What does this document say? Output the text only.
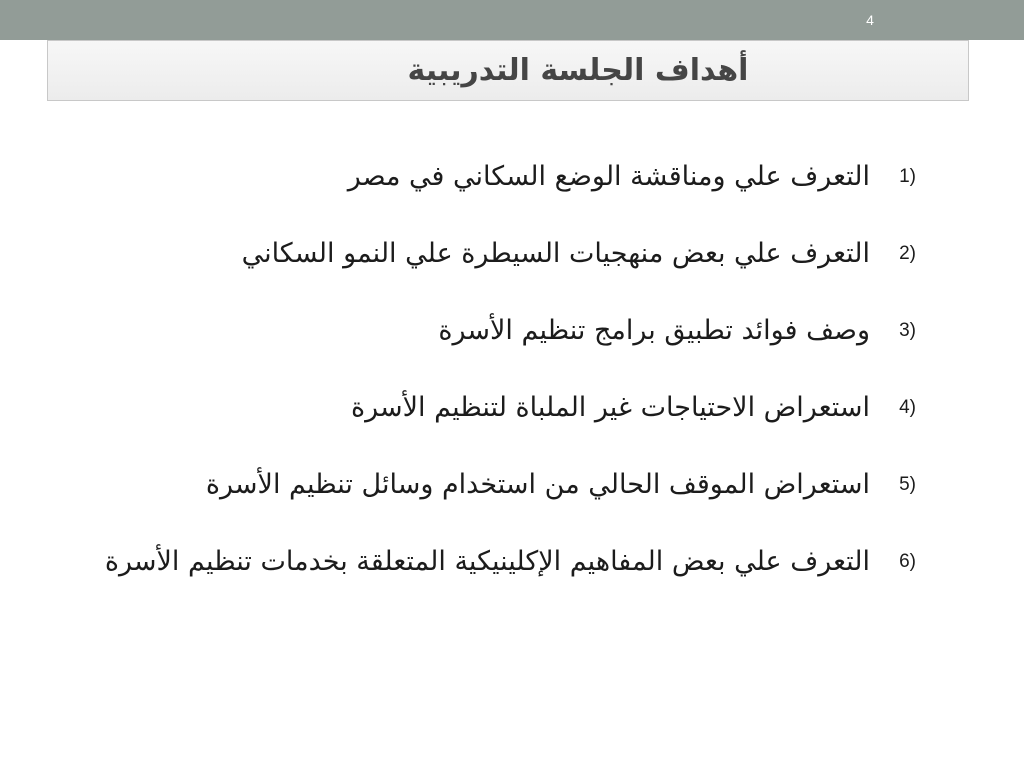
4
أهداف الجلسة التدريبية
1)
التعرف علي ومناقشة الوضع السكاني في مصر
2)
التعرف علي بعض منهجيات السيطرة علي النمو السكاني
3)
وصف فوائد تطبيق برامج تنظيم الأسرة
4)
استعراض الاحتياجات غير الملباة لتنظيم الأسرة
5)
استعراض الموقف الحالي من استخدام وسائل تنظيم الأسرة
6)
التعرف علي بعض المفاهيم الإكلينيكية المتعلقة بخدمات تنظيم الأسرة
